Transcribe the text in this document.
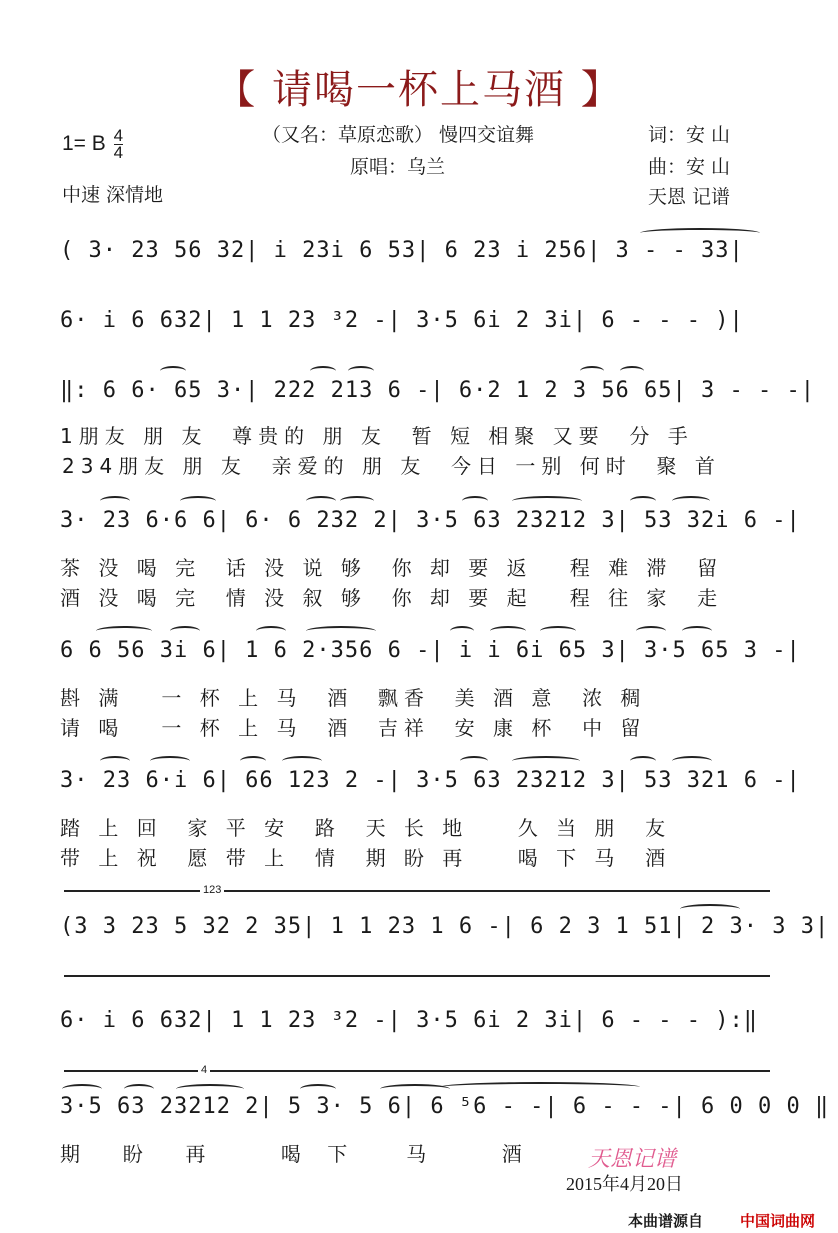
【 请喝一杯上马酒 】
（又名：草原恋歌） 慢四交谊舞
原唱：乌兰
词：安 山
曲：安 山
天恩 记谱
1= B $\frac{4}{4}$
中速 深情地
( 3· 23 56 32| i 23i 6 53| 6 23 i 256| 3 - - 33|
6· i 6 632| 1 1 23 ³2 -| 3·5 6i 2 3i| 6 - - - )|
‖: 6 6· 65 3·| 222 213 6 -| 6·2 1 2 3 56 65| 3 - - -|
1朋友 朋 友  尊贵的 朋 友  暂 短 相聚 又要  分 手
234朋友 朋 友  亲爱的 朋 友  今日 一别 何时  聚 首
3· 23 6·6 6| 6· 6 232 2| 3·5 63 23212 3| 53 32i 6 -|
茶 没 喝 完  话 没 说 够  你 却 要 返   程 难 滞  留
酒 没 喝 完  情 没 叙 够  你 却 要 起   程 往 家  走
6 6 56 3i 6| 1 6 2·356 6 -| i i 6i 65 3| 3·5 65 3 -|
斟 满   一 杯 上 马  酒  飘香  美 酒 意  浓 稠
请 喝   一 杯 上 马  酒  吉祥  安 康 杯  中 留
3· 23 6·i 6| 66 123 2 -| 3·5 63 23212 3| 53 321 6 -|
踏 上 回  家 平 安  路  天 长 地    久 当 朋  友
带 上 祝  愿 带 上  情  期 盼 再    喝 下 马  酒
123
(3 3 23 5 32 2 35| 1 1 23 1 6 -| 6 2 3 1 51| 2 3· 3 3|
6· i 6 632| 1 1 23 ³2 -| 3·5 6i 2 3i| 6 - - - ):‖
4
3·5 63 23212 2| 5 3· 5 6| 6 ⁵6 - -| 6 - - -| 6 0 0 0 ‖
期  盼  再    喝 下   马    酒	天恩记谱
2015年4月20日
本曲谱源自 中国词曲网
